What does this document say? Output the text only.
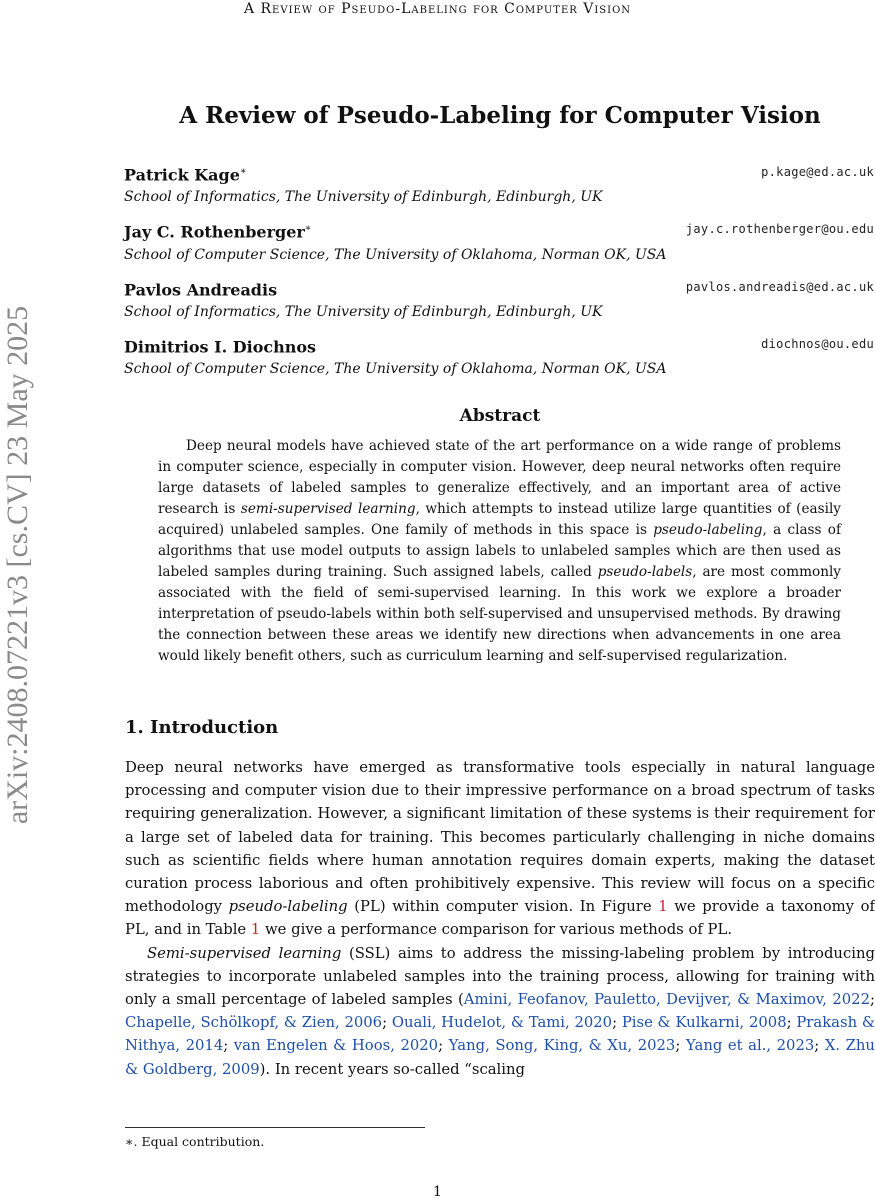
A Review of Pseudo-Labeling for Computer Vision
arXiv:2408.07221v3 [cs.CV] 23 May 2025
A Review of Pseudo-Labeling for Computer Vision
Patrick Kage∗	p.kage@ed.ac.uk
School of Informatics, The University of Edinburgh, Edinburgh, UK
Jay C. Rothenberger∗	jay.c.rothenberger@ou.edu
School of Computer Science, The University of Oklahoma, Norman OK, USA
Pavlos Andreadis	pavlos.andreadis@ed.ac.uk
School of Informatics, The University of Edinburgh, Edinburgh, UK
Dimitrios I. Diochnos	diochnos@ou.edu
School of Computer Science, The University of Oklahoma, Norman OK, USA
Abstract

Deep neural models have achieved state of the art performance on a wide range of problems in computer science, especially in computer vision. However, deep neural networks often require large datasets of labeled samples to generalize effectively, and an important area of active research is semi-supervised learning, which attempts to instead utilize large quantities of (easily acquired) unlabeled samples. One family of methods in this space is pseudo-labeling, a class of algorithms that use model outputs to assign labels to unlabeled samples which are then used as labeled samples during training. Such assigned labels, called pseudo-labels, are most commonly associated with the field of semi-supervised learning. In this work we explore a broader interpretation of pseudo-labels within both self-supervised and unsupervised methods. By drawing the connection between these areas we identify new directions when advancements in one area would likely benefit others, such as curriculum learning and self-supervised regularization.

1. Introduction

Deep neural networks have emerged as transformative tools especially in natural language processing and computer vision due to their impressive performance on a broad spectrum of tasks requiring generalization. However, a significant limitation of these systems is their requirement for a large set of labeled data for training. This becomes particularly challenging in niche domains such as scientific fields where human annotation requires domain experts, making the dataset curation process laborious and often prohibitively expensive. This review will focus on a specific methodology pseudo-labeling (PL) within computer vision. In Figure 1 we provide a taxonomy of PL, and in Table 1 we give a performance comparison for various methods of PL.

Semi-supervised learning (SSL) aims to address the missing-labeling problem by introducing strategies to incorporate unlabeled samples into the training process, allowing for training with only a small percentage of labeled samples (Amini, Feofanov, Pauletto, Devijver, & Maximov, 2022; Chapelle, Schölkopf, & Zien, 2006; Ouali, Hudelot, & Tami, 2020; Pise & Kulkarni, 2008; Prakash & Nithya, 2014; van Engelen & Hoos, 2020; Yang, Song, King, & Xu, 2023; Yang et al., 2023; X. Zhu & Goldberg, 2009). In recent years so-called “scaling

∗. Equal contribution.
1
